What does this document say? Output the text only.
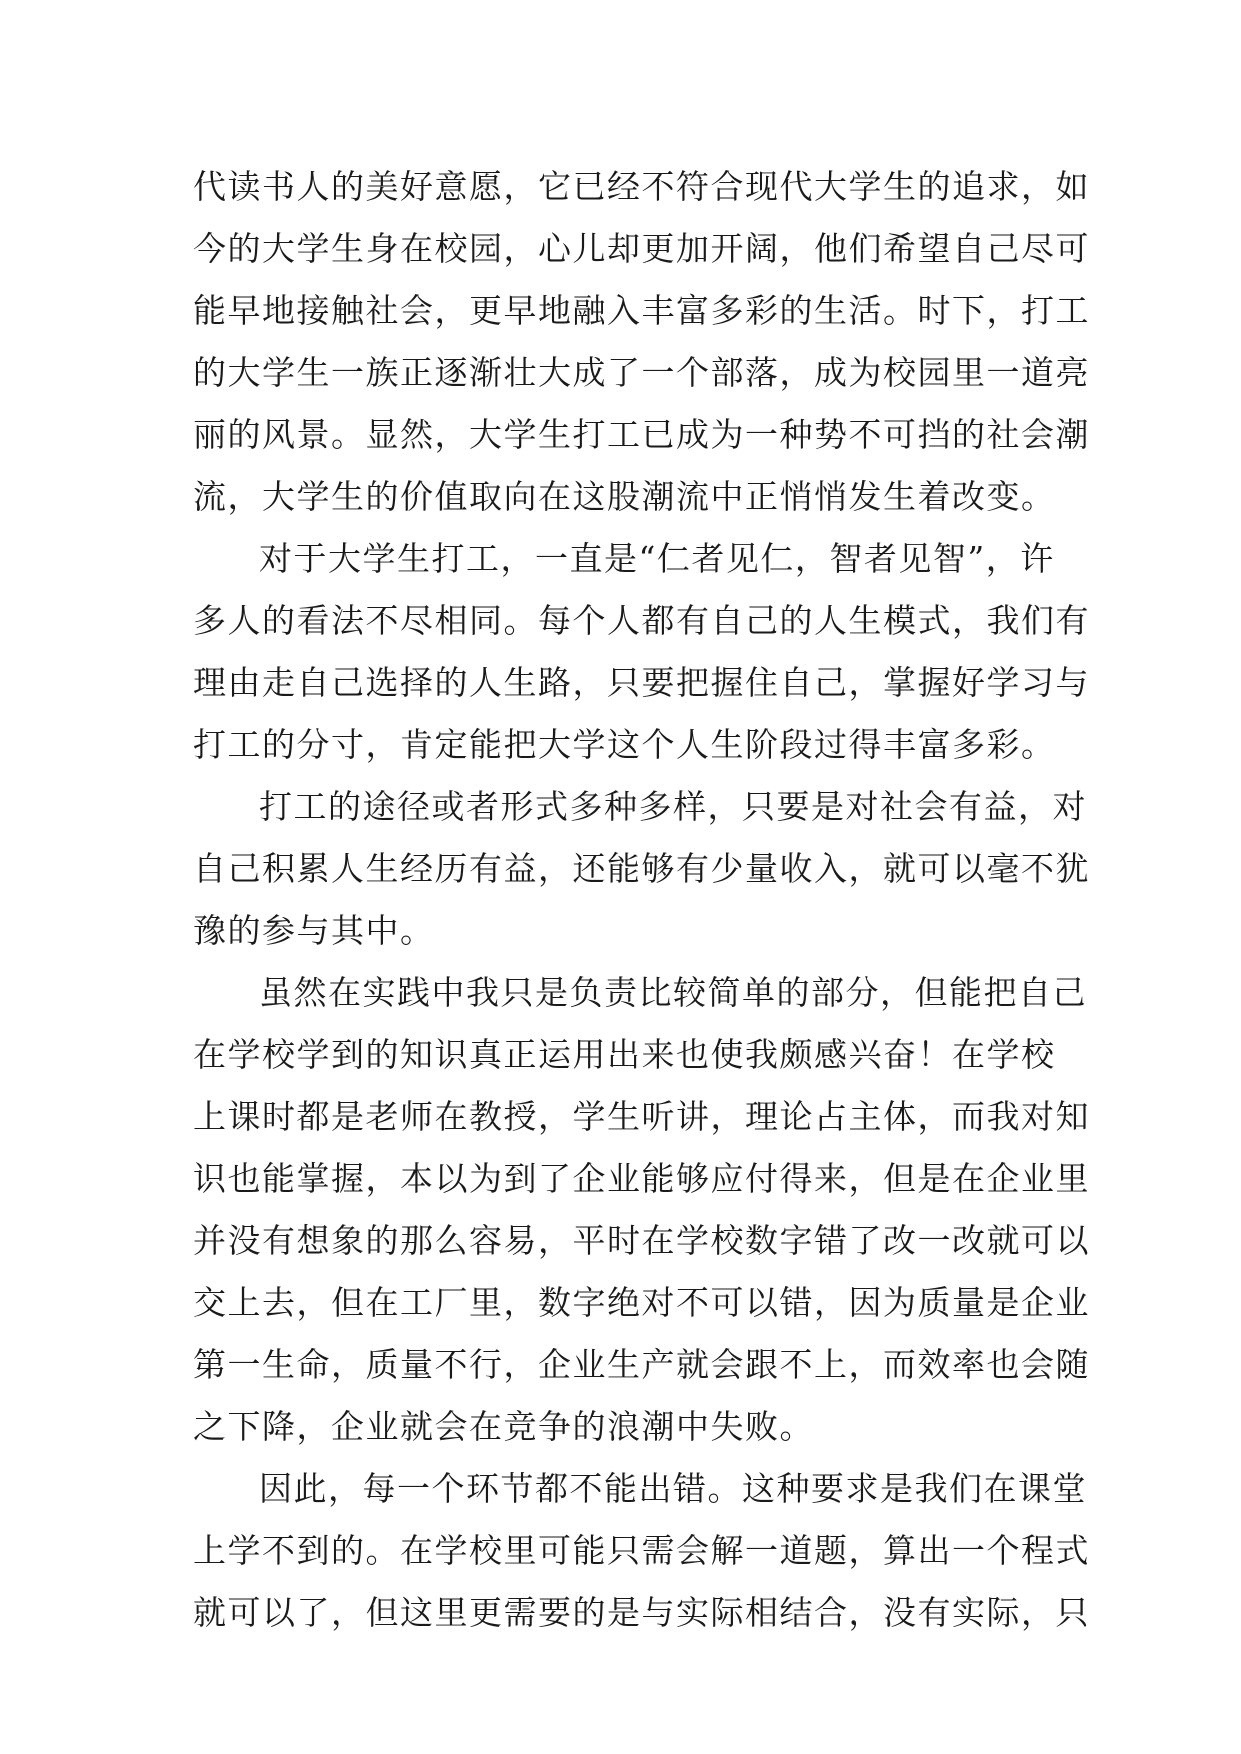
代读书人的美好意愿，它已经不符合现代大学生的追求，如
今的大学生身在校园，心儿却更加开阔，他们希望自己尽可
能早地接触社会，更早地融入丰富多彩的生活。时下，打工
的大学生一族正逐渐壮大成了一个部落，成为校园里一道亮
丽的风景。显然，大学生打工已成为一种势不可挡的社会潮
流，大学生的价值取向在这股潮流中正悄悄发生着改变。
对于大学生打工，一直是“仁者见仁，智者见智”，许
多人的看法不尽相同。每个人都有自己的人生模式，我们有
理由走自己选择的人生路，只要把握住自己，掌握好学习与
打工的分寸，肯定能把大学这个人生阶段过得丰富多彩。
打工的途径或者形式多种多样，只要是对社会有益，对
自己积累人生经历有益，还能够有少量收入，就可以毫不犹
豫的参与其中。
虽然在实践中我只是负责比较简单的部分，但能把自己
在学校学到的知识真正运用出来也使我颇感兴奋！在学校
上课时都是老师在教授，学生听讲，理论占主体，而我对知
识也能掌握，本以为到了企业能够应付得来，但是在企业里
并没有想象的那么容易，平时在学校数字错了改一改就可以
交上去，但在工厂里，数字绝对不可以错，因为质量是企业
第一生命，质量不行，企业生产就会跟不上，而效率也会随
之下降，企业就会在竞争的浪潮中失败。
因此，每一个环节都不能出错。这种要求是我们在课堂
上学不到的。在学校里可能只需会解一道题，算出一个程式
就可以了，但这里更需要的是与实际相结合，没有实际，只
